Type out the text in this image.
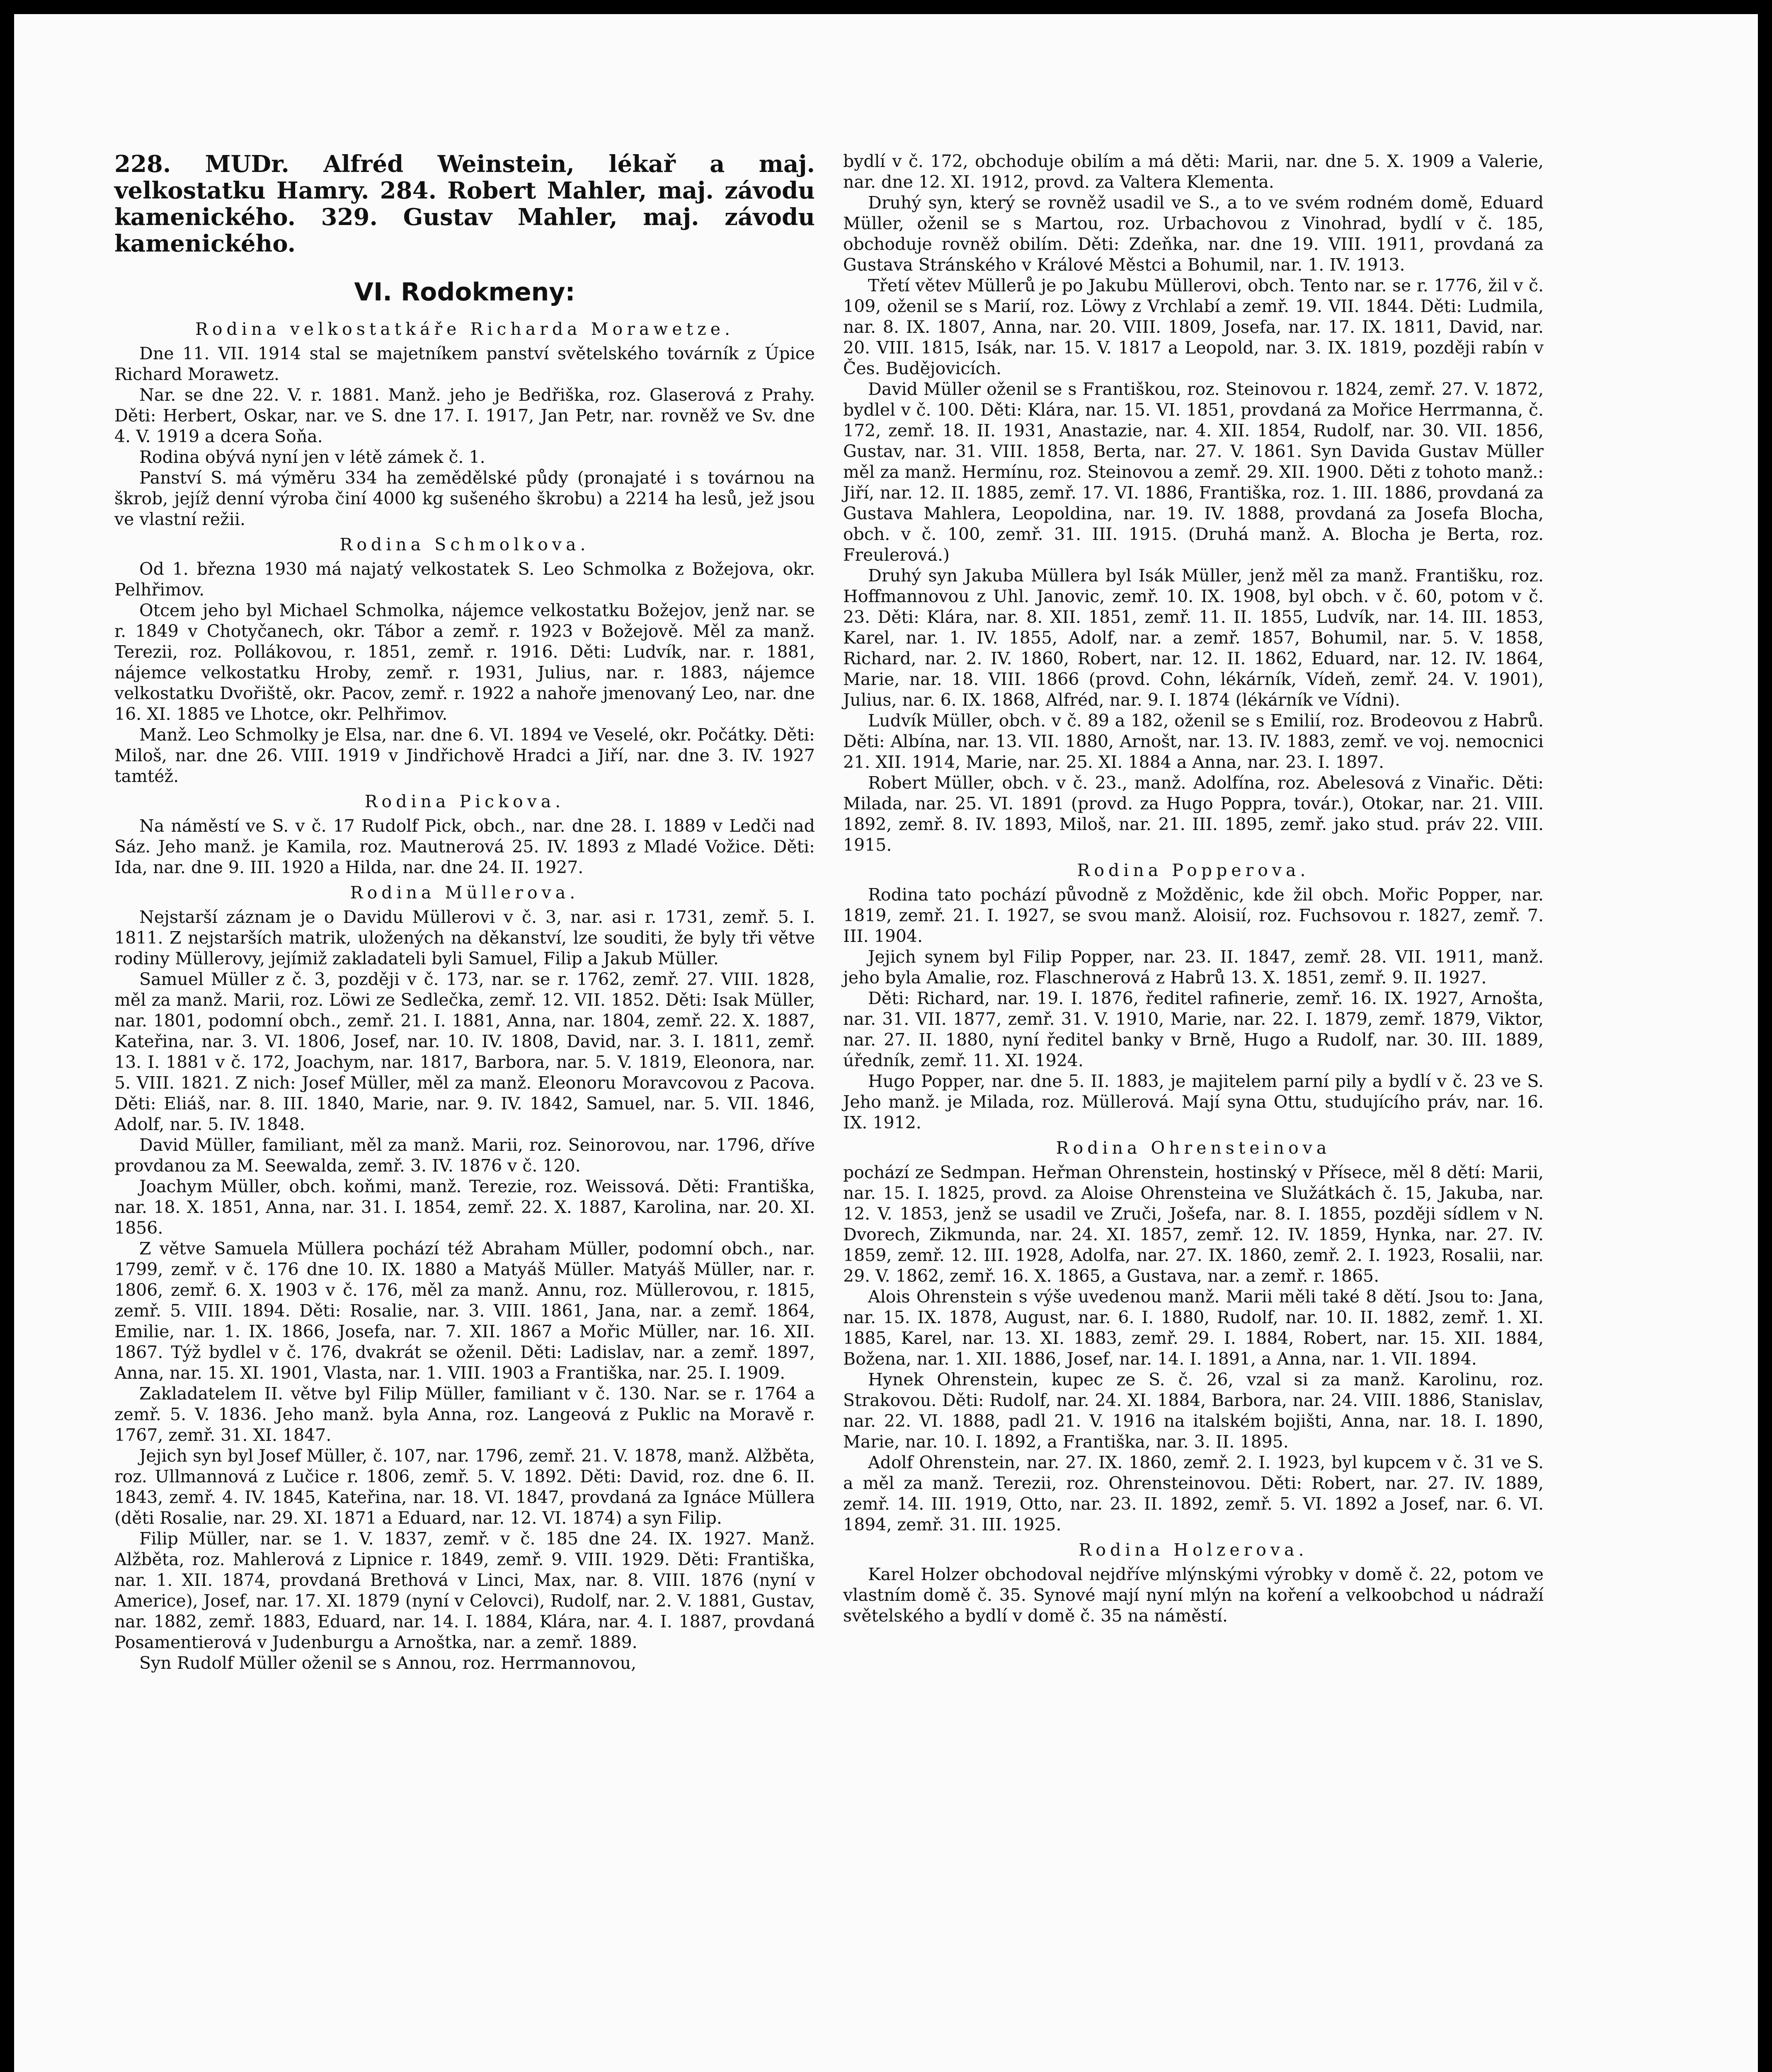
228. MUDr. Alfréd Weinstein, lékař a maj. velkostatku Hamry. 284. Robert Mahler, maj. závodu kamenického. 329. Gustav Mahler, maj. závodu kamenického.

VI. Rodokmeny:
Rodina velkostatkáře Richarda Morawetze.

Dne 11. VII. 1914 stal se majetníkem panství světelského továrník z Úpice Richard Morawetz.

Nar. se dne 22. V. r. 1881. Manž. jeho je Bedřiška, roz. Glaserová z Prahy. Děti: Herbert, Oskar, nar. ve S. dne 17. I. 1917, Jan Petr, nar. rovněž ve Sv. dne 4. V. 1919 a dcera Soňa.

Rodina obývá nyní jen v létě zámek č. 1.

Panství S. má výměru 334 ha zemědělské půdy (pronajaté i s továrnou na škrob, jejíž denní výroba činí 4000 kg sušeného škrobu) a 2214 ha lesů, jež jsou ve vlastní režii.

Rodina Schmolkova.

Od 1. března 1930 má najatý velkostatek S. Leo Schmolka z Božejova, okr. Pelhřimov.

Otcem jeho byl Michael Schmolka, nájemce velkostatku Božejov, jenž nar. se r. 1849 v Chotyčanech, okr. Tábor a zemř. r. 1923 v Božejově. Měl za manž. Terezii, roz. Pollákovou, r. 1851, zemř. r. 1916. Děti: Ludvík, nar. r. 1881, nájemce velkostatku Hroby, zemř. r. 1931, Julius, nar. r. 1883, nájemce velkostatku Dvořiště, okr. Pacov, zemř. r. 1922 a nahoře jmenovaný Leo, nar. dne 16. XI. 1885 ve Lhotce, okr. Pelhřimov.

Manž. Leo Schmolky je Elsa, nar. dne 6. VI. 1894 ve Veselé, okr. Počátky. Děti: Miloš, nar. dne 26. VIII. 1919 v Jindřichově Hradci a Jiří, nar. dne 3. IV. 1927 tamtéž.

Rodina Pickova.

Na náměstí ve S. v č. 17 Rudolf Pick, obch., nar. dne 28. I. 1889 v Ledči nad Sáz. Jeho manž. je Kamila, roz. Mautnerová 25. IV. 1893 z Mladé Vožice. Děti: Ida, nar. dne 9. III. 1920 a Hilda, nar. dne 24. II. 1927.

Rodina Müllerova.

Nejstarší záznam je o Davidu Müllerovi v č. 3, nar. asi r. 1731, zemř. 5. I. 1811. Z nejstarších matrik, uložených na děkanství, lze souditi, že byly tři větve rodiny Müllerovy, jejímiž zakladateli byli Samuel, Filip a Jakub Müller.

Samuel Müller z č. 3, později v č. 173, nar. se r. 1762, zemř. 27. VIII. 1828, měl za manž. Marii, roz. Löwi ze Sedlečka, zemř. 12. VII. 1852. Děti: Isak Müller, nar. 1801, podomní obch., zemř. 21. I. 1881, Anna, nar. 1804, zemř. 22. X. 1887, Kateřina, nar. 3. VI. 1806, Josef, nar. 10. IV. 1808, David, nar. 3. I. 1811, zemř. 13. I. 1881 v č. 172, Joachym, nar. 1817, Barbora, nar. 5. V. 1819, Eleonora, nar. 5. VIII. 1821. Z nich: Josef Müller, měl za manž. Eleonoru Moravcovou z Pacova. Děti: Eliáš, nar. 8. III. 1840, Marie, nar. 9. IV. 1842, Samuel, nar. 5. VII. 1846, Adolf, nar. 5. IV. 1848.

David Müller, familiant, měl za manž. Marii, roz. Seinorovou, nar. 1796, dříve provdanou za M. Seewalda, zemř. 3. IV. 1876 v č. 120.

Joachym Müller, obch. koňmi, manž. Terezie, roz. Weissová. Děti: Františka, nar. 18. X. 1851, Anna, nar. 31. I. 1854, zemř. 22. X. 1887, Karolina, nar. 20. XI. 1856.

Z větve Samuela Müllera pochází též Abraham Müller, podomní obch., nar. 1799, zemř. v č. 176 dne 10. IX. 1880 a Matyáš Müller. Matyáš Müller, nar. r. 1806, zemř. 6. X. 1903 v č. 176, měl za manž. Annu, roz. Müllerovou, r. 1815, zemř. 5. VIII. 1894. Děti: Rosalie, nar. 3. VIII. 1861, Jana, nar. a zemř. 1864, Emilie, nar. 1. IX. 1866, Josefa, nar. 7. XII. 1867 a Mořic Müller, nar. 16. XII. 1867. Týž bydlel v č. 176, dvakrát se oženil. Děti: Ladislav, nar. a zemř. 1897, Anna, nar. 15. XI. 1901, Vlasta, nar. 1. VIII. 1903 a Františka, nar. 25. I. 1909.

Zakladatelem II. větve byl Filip Müller, familiant v č. 130. Nar. se r. 1764 a zemř. 5. V. 1836. Jeho manž. byla Anna, roz. Langeová z Puklic na Moravě r. 1767, zemř. 31. XI. 1847.

Jejich syn byl Josef Müller, č. 107, nar. 1796, zemř. 21. V. 1878, manž. Alžběta, roz. Ullmannová z Lučice r. 1806, zemř. 5. V. 1892. Děti: David, roz. dne 6. II. 1843, zemř. 4. IV. 1845, Kateřina, nar. 18. VI. 1847, provdaná za Ignáce Müllera (děti Rosalie, nar. 29. XI. 1871 a Eduard, nar. 12. VI. 1874) a syn Filip.

Filip Müller, nar. se 1. V. 1837, zemř. v č. 185 dne 24. IX. 1927. Manž. Alžběta, roz. Mahlerová z Lipnice r. 1849, zemř. 9. VIII. 1929. Děti: Františka, nar. 1. XII. 1874, provdaná Brethová v Linci, Max, nar. 8. VIII. 1876 (nyní v Americe), Josef, nar. 17. XI. 1879 (nyní v Celovci), Rudolf, nar. 2. V. 1881, Gustav, nar. 1882, zemř. 1883, Eduard, nar. 14. I. 1884, Klára, nar. 4. I. 1887, provdaná Posamentierová v Judenburgu a Arnoštka, nar. a zemř. 1889.

Syn Rudolf Müller oženil se s Annou, roz. Herrmannovou,

bydlí v č. 172, obchoduje obilím a má děti: Marii, nar. dne 5. X. 1909 a Valerie, nar. dne 12. XI. 1912, provd. za Valtera Klementa.

Druhý syn, který se rovněž usadil ve S., a to ve svém rodném domě, Eduard Müller, oženil se s Martou, roz. Urbachovou z Vinohrad, bydlí v č. 185, obchoduje rovněž obilím. Děti: Zdeňka, nar. dne 19. VIII. 1911, provdaná za Gustava Stránského v Králové Městci a Bohumil, nar. 1. IV. 1913.

Třetí větev Müllerů je po Jakubu Müllerovi, obch. Tento nar. se r. 1776, žil v č. 109, oženil se s Marií, roz. Löwy z Vrchlabí a zemř. 19. VII. 1844. Děti: Ludmila, nar. 8. IX. 1807, Anna, nar. 20. VIII. 1809, Josefa, nar. 17. IX. 1811, David, nar. 20. VIII. 1815, Isák, nar. 15. V. 1817 a Leopold, nar. 3. IX. 1819, později rabín v Čes. Budějovicích.

David Müller oženil se s Františkou, roz. Steinovou r. 1824, zemř. 27. V. 1872, bydlel v č. 100. Děti: Klára, nar. 15. VI. 1851, provdaná za Mořice Herrmanna, č. 172, zemř. 18. II. 1931, Anastazie, nar. 4. XII. 1854, Rudolf, nar. 30. VII. 1856, Gustav, nar. 31. VIII. 1858, Berta, nar. 27. V. 1861. Syn Davida Gustav Müller měl za manž. Hermínu, roz. Steinovou a zemř. 29. XII. 1900. Děti z tohoto manž.: Jiří, nar. 12. II. 1885, zemř. 17. VI. 1886, Františka, roz. 1. III. 1886, provdaná za Gustava Mahlera, Leopoldina, nar. 19. IV. 1888, provdaná za Josefa Blocha, obch. v č. 100, zemř. 31. III. 1915. (Druhá manž. A. Blocha je Berta, roz. Freulerová.)

Druhý syn Jakuba Müllera byl Isák Müller, jenž měl za manž. Františku, roz. Hoffmannovou z Uhl. Janovic, zemř. 10. IX. 1908, byl obch. v č. 60, potom v č. 23. Děti: Klára, nar. 8. XII. 1851, zemř. 11. II. 1855, Ludvík, nar. 14. III. 1853, Karel, nar. 1. IV. 1855, Adolf, nar. a zemř. 1857, Bohumil, nar. 5. V. 1858, Richard, nar. 2. IV. 1860, Robert, nar. 12. II. 1862, Eduard, nar. 12. IV. 1864, Marie, nar. 18. VIII. 1866 (provd. Cohn, lékárník, Vídeň, zemř. 24. V. 1901), Julius, nar. 6. IX. 1868, Alfréd, nar. 9. I. 1874 (lékárník ve Vídni).

Ludvík Müller, obch. v č. 89 a 182, oženil se s Emilií, roz. Brodeovou z Habrů. Děti: Albína, nar. 13. VII. 1880, Arnošt, nar. 13. IV. 1883, zemř. ve voj. nemocnici 21. XII. 1914, Marie, nar. 25. XI. 1884 a Anna, nar. 23. I. 1897.

Robert Müller, obch. v č. 23., manž. Adolfína, roz. Abelesová z Vinařic. Děti: Milada, nar. 25. VI. 1891 (provd. za Hugo Poppra, továr.), Otokar, nar. 21. VIII. 1892, zemř. 8. IV. 1893, Miloš, nar. 21. III. 1895, zemř. jako stud. práv 22. VIII. 1915.

Rodina Popperova.

Rodina tato pochází původně z Možděnic, kde žil obch. Mořic Popper, nar. 1819, zemř. 21. I. 1927, se svou manž. Aloisií, roz. Fuchsovou r. 1827, zemř. 7. III. 1904.

Jejich synem byl Filip Popper, nar. 23. II. 1847, zemř. 28. VII. 1911, manž. jeho byla Amalie, roz. Flaschnerová z Habrů 13. X. 1851, zemř. 9. II. 1927.

Děti: Richard, nar. 19. I. 1876, ředitel rafinerie, zemř. 16. IX. 1927, Arnošta, nar. 31. VII. 1877, zemř. 31. V. 1910, Marie, nar. 22. I. 1879, zemř. 1879, Viktor, nar. 27. II. 1880, nyní ředitel banky v Brně, Hugo a Rudolf, nar. 30. III. 1889, úředník, zemř. 11. XI. 1924.

Hugo Popper, nar. dne 5. II. 1883, je majitelem parní pily a bydlí v č. 23 ve S. Jeho manž. je Milada, roz. Müllerová. Mají syna Ottu, studujícího práv, nar. 16. IX. 1912.

Rodina Ohrensteinova

pochází ze Sedmpan. Heřman Ohrenstein, hostinský v Přísece, měl 8 dětí: Marii, nar. 15. I. 1825, provd. za Aloise Ohrensteina ve Služátkách č. 15, Jakuba, nar. 12. V. 1853, jenž se usadil ve Zruči, Jošefa, nar. 8. I. 1855, později sídlem v N. Dvorech, Zikmunda, nar. 24. XI. 1857, zemř. 12. IV. 1859, Hynka, nar. 27. IV. 1859, zemř. 12. III. 1928, Adolfa, nar. 27. IX. 1860, zemř. 2. I. 1923, Rosalii, nar. 29. V. 1862, zemř. 16. X. 1865, a Gustava, nar. a zemř. r. 1865.

Alois Ohrenstein s výše uvedenou manž. Marii měli také 8 dětí. Jsou to: Jana, nar. 15. IX. 1878, August, nar. 6. I. 1880, Rudolf, nar. 10. II. 1882, zemř. 1. XI. 1885, Karel, nar. 13. XI. 1883, zemř. 29. I. 1884, Robert, nar. 15. XII. 1884, Božena, nar. 1. XII. 1886, Josef, nar. 14. I. 1891, a Anna, nar. 1. VII. 1894.

Hynek Ohrenstein, kupec ze S. č. 26, vzal si za manž. Karolinu, roz. Strakovou. Děti: Rudolf, nar. 24. XI. 1884, Barbora, nar. 24. VIII. 1886, Stanislav, nar. 22. VI. 1888, padl 21. V. 1916 na italském bojišti, Anna, nar. 18. I. 1890, Marie, nar. 10. I. 1892, a Františka, nar. 3. II. 1895.

Adolf Ohrenstein, nar. 27. IX. 1860, zemř. 2. I. 1923, byl kupcem v č. 31 ve S. a měl za manž. Terezii, roz. Ohrensteinovou. Děti: Robert, nar. 27. IV. 1889, zemř. 14. III. 1919, Otto, nar. 23. II. 1892, zemř. 5. VI. 1892 a Josef, nar. 6. VI. 1894, zemř. 31. III. 1925.

Rodina Holzerova.

Karel Holzer obchodoval nejdříve mlýnskými výrobky v domě č. 22, potom ve vlastním domě č. 35. Synové mají nyní mlýn na koření a velkoobchod u nádraží světelského a bydlí v domě č. 35 na náměstí.
